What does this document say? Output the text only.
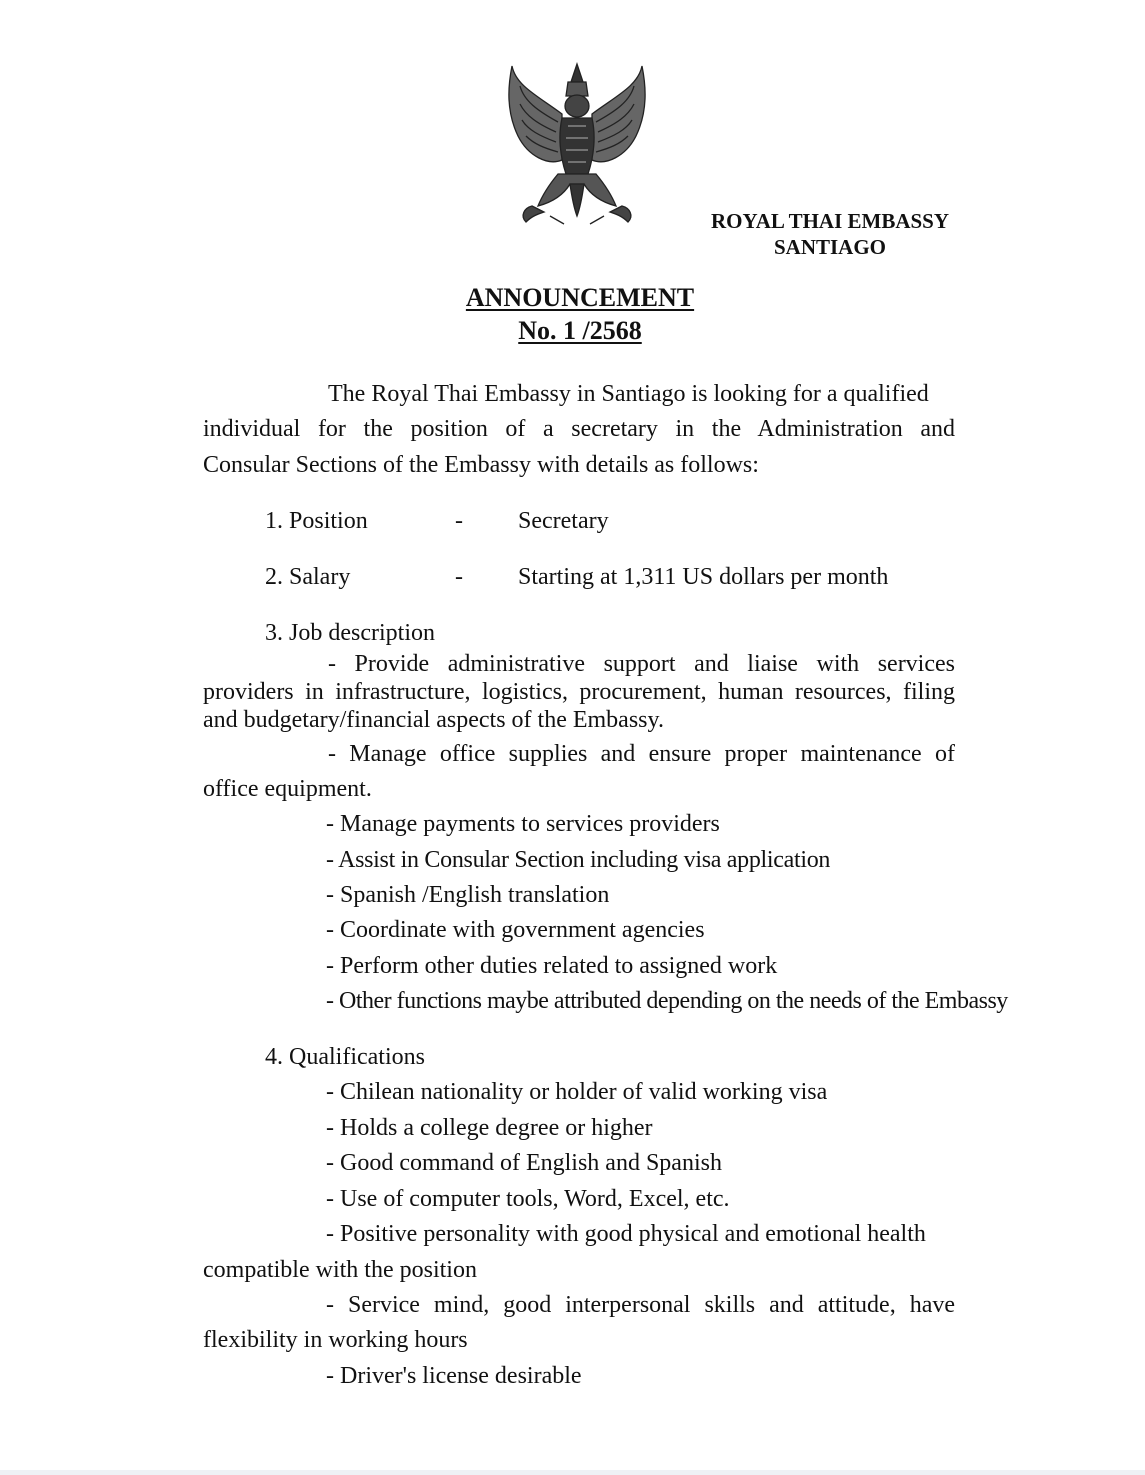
ROYAL THAI EMBASSY
SANTIAGO
ANNOUNCEMENT
No. 1 /2568
The Royal Thai Embassy in Santiago is looking for a qualified
individual for the position of a secretary in the Administration and
Consular Sections of the Embassy with details as follows:
1. Position	- Secretary
2. Salary	- Starting at 1,311 US dollars per month
3. Job description
- Provide administrative support and liaise with services
providers in infrastructure, logistics, procurement, human resources, filing
and budgetary/financial aspects of the Embassy.
- Manage office supplies and ensure proper maintenance of
office equipment.
- Manage payments to services providers
- Assist in Consular Section including visa application
- Spanish /English translation
- Coordinate with government agencies
- Perform other duties related to assigned work
- Other functions maybe attributed depending on the needs of the Embassy
4. Qualifications
- Chilean nationality or holder of valid working visa
- Holds a college degree or higher
- Good command of English and Spanish
- Use of computer tools, Word, Excel, etc.
- Positive personality with good physical and emotional health
compatible with the position
- Service mind, good interpersonal skills and attitude, have
flexibility in working hours
- Driver's license desirable
